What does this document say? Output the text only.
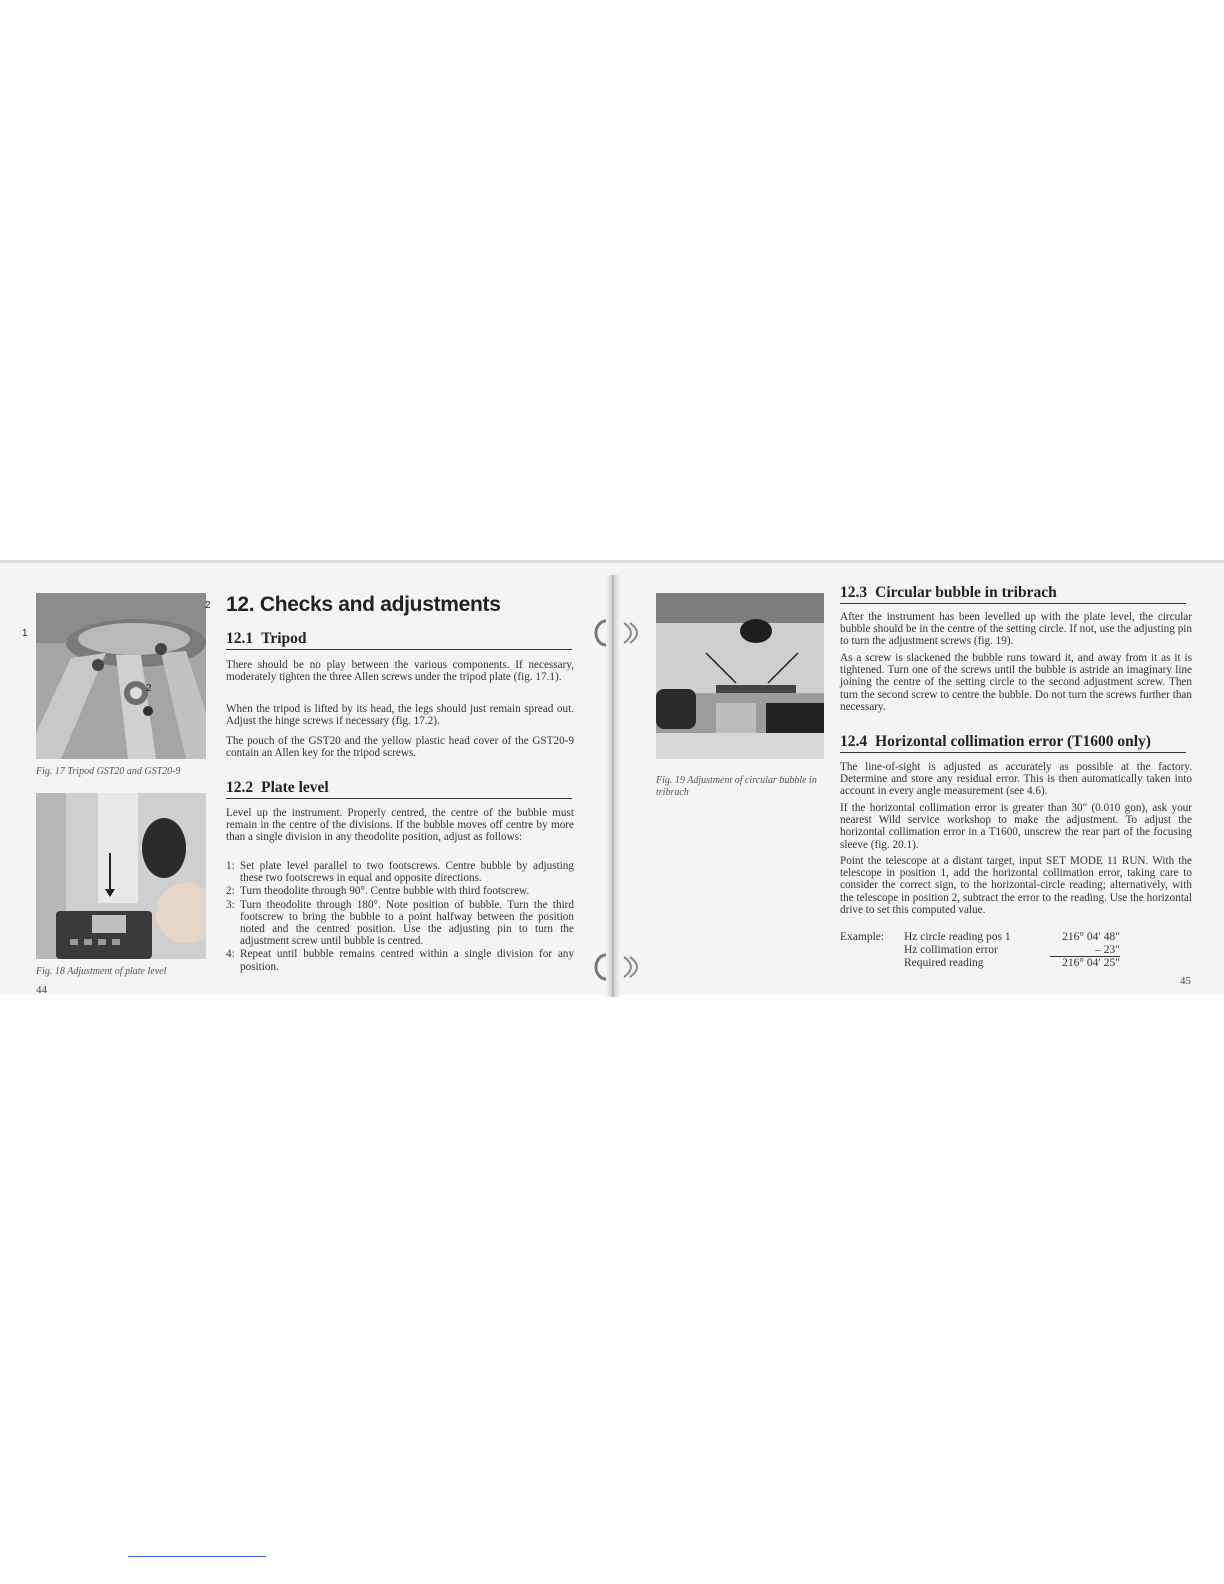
1
2
2
Fig. 17 Tripod GST20 and GST20-9
Fig. 18 Adjustment of plate level
44
12. Checks and adjustments
12.1 Tripod

There should be no play between the various components. If necessary, moderately tighten the three Allen screws under the tripod plate (fig. 17.1).

When the tripod is lifted by its head, the legs should just remain spread out. Adjust the hinge screws if necessary (fig. 17.2).

The pouch of the GST20 and the yellow plastic head cover of the GST20-9 contain an Allen key for the tripod screws.

12.2 Plate level

Level up the instrument. Properly centred, the centre of the bubble must remain in the centre of the divisions. If the bubble moves off centre by more than a single division in any theodolite position, adjust as follows:

1: Set plate level parallel to two footscrews. Centre bubble by adjusting these two footscrews in equal and opposite directions.
2: Turn theodolite through 90°. Centre bubble with third footscrew.
3: Turn theodolite through 180°. Note position of bubble. Turn the third footscrew to bring the bubble to a point halfway between the position noted and the centred position. Use the adjusting pin to turn the adjustment screw until bubble is centred.
4: Repeat until bubble remains centred within a single division for any position.
Fig. 19 Adjustment of circular bubble in tribrach
12.3 Circular bubble in tribrach

After the instrument has been levelled up with the plate level, the circular bubble should be in the centre of the setting circle. If not, use the adjusting pin to turn the adjustment screws (fig. 19).

As a screw is slackened the bubble runs toward it, and away from it as it is tightened. Turn one of the screws until the bubble is astride an imaginary line joining the centre of the setting circle to the second adjustment screw. Then turn the second screw to centre the bubble. Do not turn the screws further than necessary.

12.4 Horizontal collimation error (T1600 only)

The line-of-sight is adjusted as accurately as possible at the factory. Determine and store any residual error. This is then automatically taken into account in every angle measurement (see 4.6).

If the horizontal collimation error is greater than 30" (0.010 gon), ask your nearest Wild service workshop to make the adjustment. To adjust the horizontal collimation error in a T1600, unscrew the rear part of the focusing sleeve (fig. 20.1).

Point the telescope at a distant target, input SET MODE 11 RUN. With the telescope in position 1, add the horizontal collimation error, taking care to consider the correct sign, to the horizontal-circle reading; alternatively, with the telescope in position 2, subtract the error to the reading. Use the horizontal drive to set this computed value.

Example:	Hz circle reading pos 1	216° 04′ 48″
Hz collimation error	– 23″
Required reading	216° 04′ 25″
45
